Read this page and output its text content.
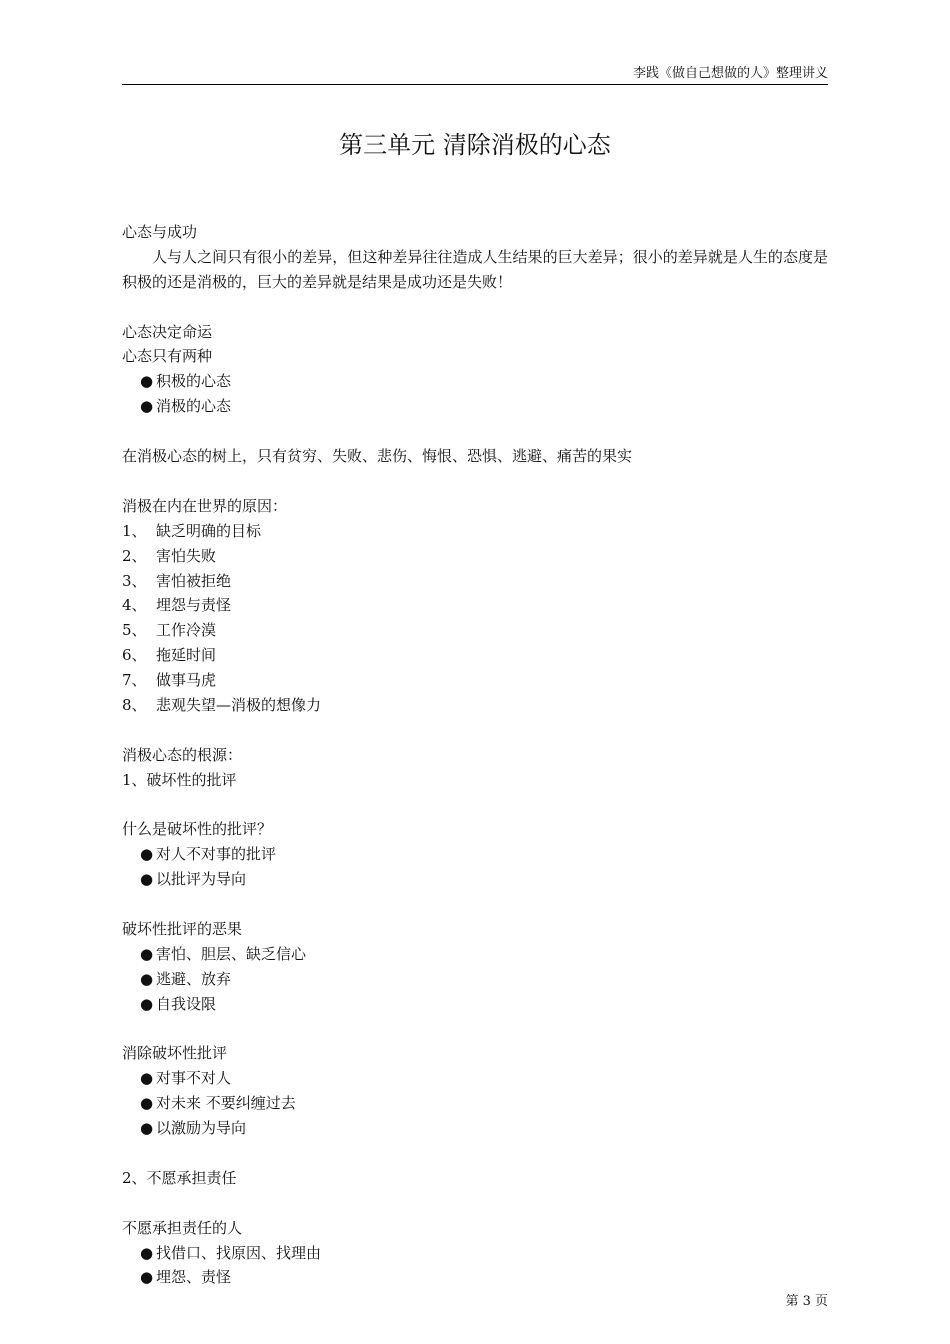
李践《做自己想做的人》整理讲义
第三单元 清除消极的心态
心态与成功
人与人之间只有很小的差异，但这种差异往往造成人生结果的巨大差异；很小的差异就是人生的态度是积极的还是消极的，巨大的差异就是结果是成功还是失败！
心态决定命运
心态只有两种
● 积极的心态
● 消极的心态
在消极心态的树上，只有贫穷、失败、悲伤、悔恨、恐惧、逃避、痛苦的果实
消极在内在世界的原因：
1、 缺乏明确的目标
2、 害怕失败
3、 害怕被拒绝
4、 埋怨与责怪
5、 工作冷漠
6、 拖延时间
7、 做事马虎
8、 悲观失望—消极的想像力
消极心态的根源：
1、破坏性的批评
什么是破坏性的批评？
● 对人不对事的批评
● 以批评为导向
破坏性批评的恶果
● 害怕、胆层、缺乏信心
● 逃避、放弃
● 自我设限
消除破坏性批评
● 对事不对人
● 对未来 不要纠缠过去
● 以激励为导向
2、不愿承担责任
不愿承担责任的人
● 找借口、找原因、找理由
● 埋怨、责怪
第 3 页
